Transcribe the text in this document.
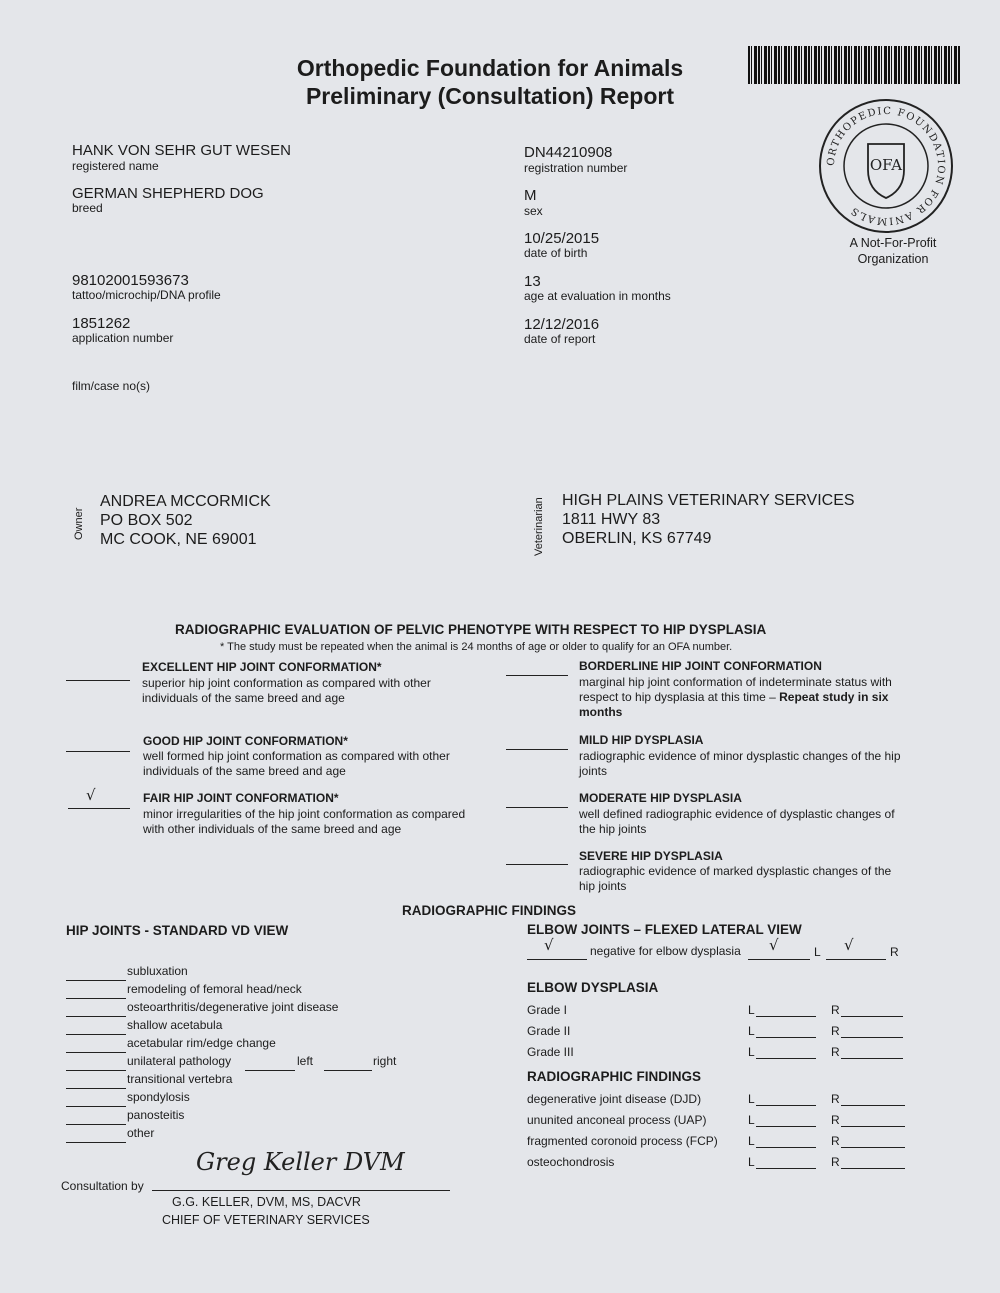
Orthopedic Foundation for Animals
Preliminary (Consultation) Report
ORTHOPEDIC FOUNDATION FOR ANIMALS
OFA
A Not-For-Profit
Organization
HANK VON SEHR GUT WESEN
registered name
GERMAN SHEPHERD DOG
breed
98102001593673
tattoo/microchip/DNA profile
1851262
application number
film/case no(s)
DN44210908
registration number
M
sex
10/25/2015
date of birth
13
age at evaluation in months
12/12/2016
date of report
Owner
ANDREA MCCORMICK
PO BOX 502
MC COOK, NE 69001	Veterinarian HIGH PLAINS VETERINARY SERVICES
1811 HWY 83
OBERLIN, KS 67749
RADIOGRAPHIC EVALUATION OF PELVIC PHENOTYPE WITH RESPECT TO HIP DYSPLASIA
* The study must be repeated when the animal is 24 months of age or older to qualify for an OFA number.
EXCELLENT HIP JOINT CONFORMATION*
superior hip joint conformation as compared with other
individuals of the same breed and age
GOOD HIP JOINT CONFORMATION*
well formed hip joint conformation as compared with other
individuals of the same breed and age
√	FAIR HIP JOINT CONFORMATION*
minor irregularities of the hip joint conformation as compared
with other individuals of the same breed and age
BORDERLINE HIP JOINT CONFORMATION
marginal hip joint conformation of indeterminate status with
respect to hip dysplasia at this time – Repeat study in six
months
MILD HIP DYSPLASIA
radiographic evidence of minor dysplastic changes of the hip
joints
MODERATE HIP DYSPLASIA
well defined radiographic evidence of dysplastic changes of
the hip joints
SEVERE HIP DYSPLASIA
radiographic evidence of marked dysplastic changes of the
hip joints
RADIOGRAPHIC FINDINGS
HIP JOINTS - STANDARD VD VIEW
subluxation
remodeling of femoral head/neck
osteoarthritis/degenerative joint disease
shallow acetabula
acetabular rim/edge change
unilateral pathology	left	right
transitional vertebra
spondylosis
panosteitis
other
ELBOW JOINTS – FLEXED LATERAL VIEW
√	negative for elbow dysplasia √	L √	R
ELBOW DYSPLASIA
Grade I	L	R
Grade II	L	R
Grade III	L	R
RADIOGRAPHIC FINDINGS
degenerative joint disease (DJD)	L	R
ununited anconeal process (UAP)	L	R
fragmented coronoid process (FCP)	L	R
osteochondrosis	L	R
Consultation by
Greg Keller DVM
G.G. KELLER, DVM, MS, DACVR
CHIEF OF VETERINARY SERVICES
